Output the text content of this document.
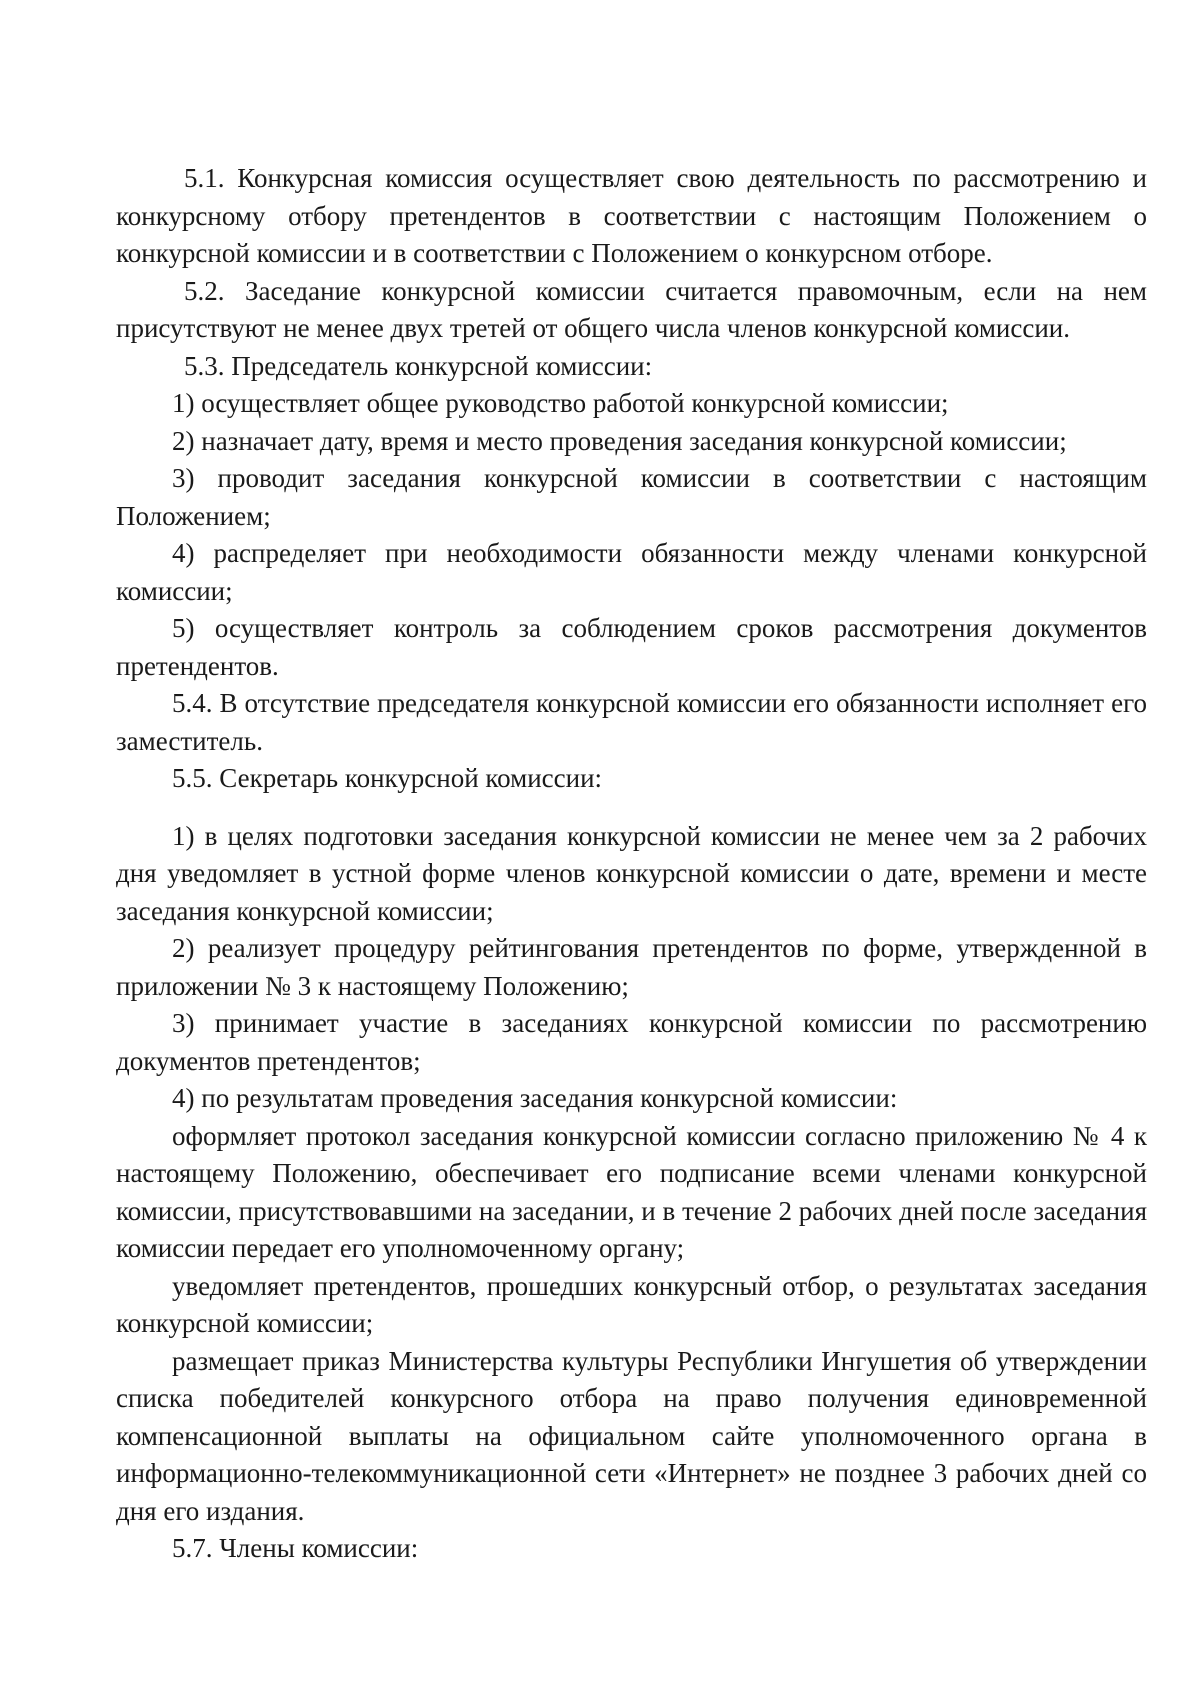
5.1. Конкурсная комиссия осуществляет свою деятельность по рассмотрению и конкурсному отбору претендентов в соответствии с настоящим Положением о конкурсной комиссии и в соответствии с Положением о конкурсном отборе.

5.2. Заседание конкурсной комиссии считается правомочным, если на нем присутствуют не менее двух третей от общего числа членов конкурсной комиссии.

5.3. Председатель конкурсной комиссии:

1) осуществляет общее руководство работой конкурсной комиссии;

2) назначает дату, время и место проведения заседания конкурсной комиссии;

3) проводит заседания конкурсной комиссии в соответствии с настоящим Положением;

4) распределяет при необходимости обязанности между членами конкурсной комиссии;

5) осуществляет контроль за соблюдением сроков рассмотрения документов претендентов.

5.4. В отсутствие председателя конкурсной комиссии его обязанности исполняет его заместитель.

5.5. Секретарь конкурсной комиссии:

1) в целях подготовки заседания конкурсной комиссии не менее чем за 2 рабочих дня уведомляет в устной форме членов конкурсной комиссии о дате, времени и месте заседания конкурсной комиссии;

2) реализует процедуру рейтингования претендентов по форме, утвержденной в приложении № 3 к настоящему Положению;

3) принимает участие в заседаниях конкурсной комиссии по рассмотрению документов претендентов;

4) по результатам проведения заседания конкурсной комиссии:

оформляет протокол заседания конкурсной комиссии согласно приложению № 4 к настоящему Положению, обеспечивает его подписание всеми членами конкурсной комиссии, присутствовавшими на заседании, и в течение 2 рабочих дней после заседания комиссии передает его уполномоченному органу;

уведомляет претендентов, прошедших конкурсный отбор, о результатах заседания конкурсной комиссии;

размещает приказ Министерства культуры Республики Ингушетия об утверждении списка победителей конкурсного отбора на право получения единовременной компенсационной выплаты на официальном сайте уполномоченного органа в информационно-телекоммуникационной сети «Интернет» не позднее 3 рабочих дней со дня его издания.

5.7. Члены комиссии:
